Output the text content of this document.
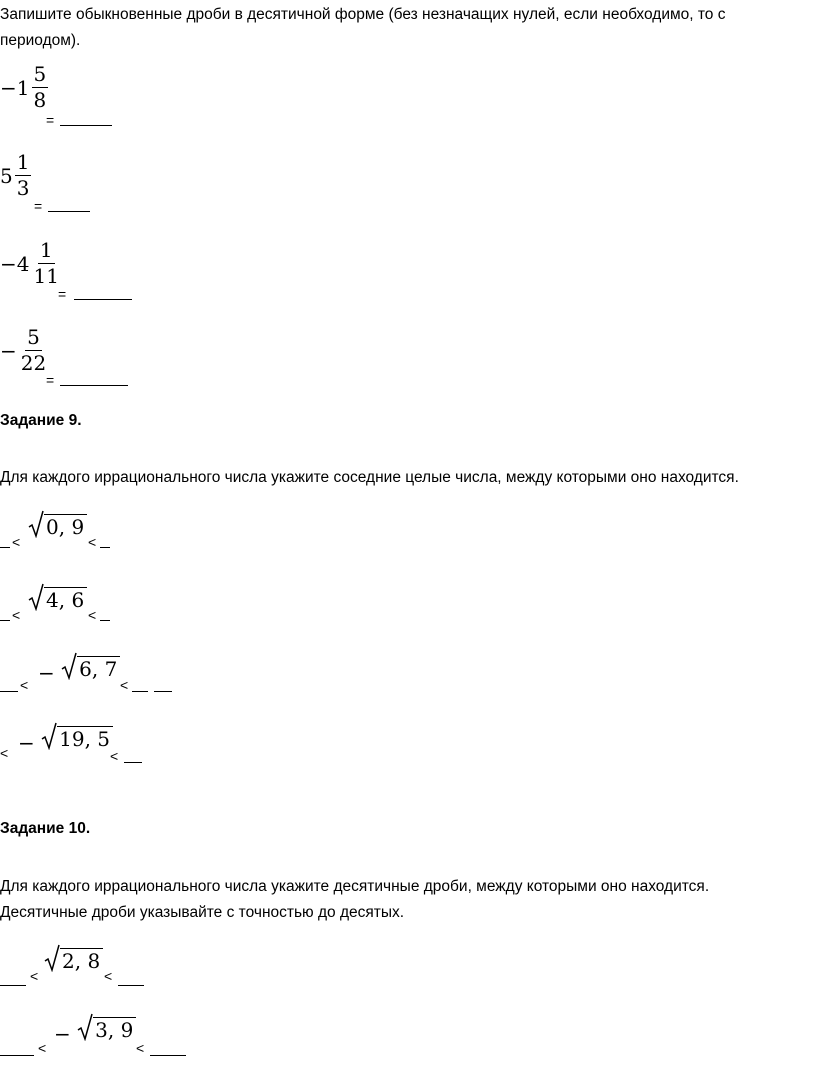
Запишите обыкновенные дроби в десятичной форме (без незначащих нулей, если необходимо, то с
периодом).
− $1 \frac{5}{8}$
=
$5 \frac{1}{3}$
=
− $4 \frac{1}{11}$
=
− $\frac{5}{22}$
=
Задание 9.
Для каждого иррационального числа укажите соседние целые числа, между которыми оно находится.
<
0, 9
<
<
4, 6
<
< − 6, 7
<
< − 19, 5
<
Задание 10.
Для каждого иррационального числа укажите десятичные дроби, между которыми оно находится.
Десятичные дроби указывайте с точностью до десятых.
<
2, 8
<
<
− 3, 9
<
